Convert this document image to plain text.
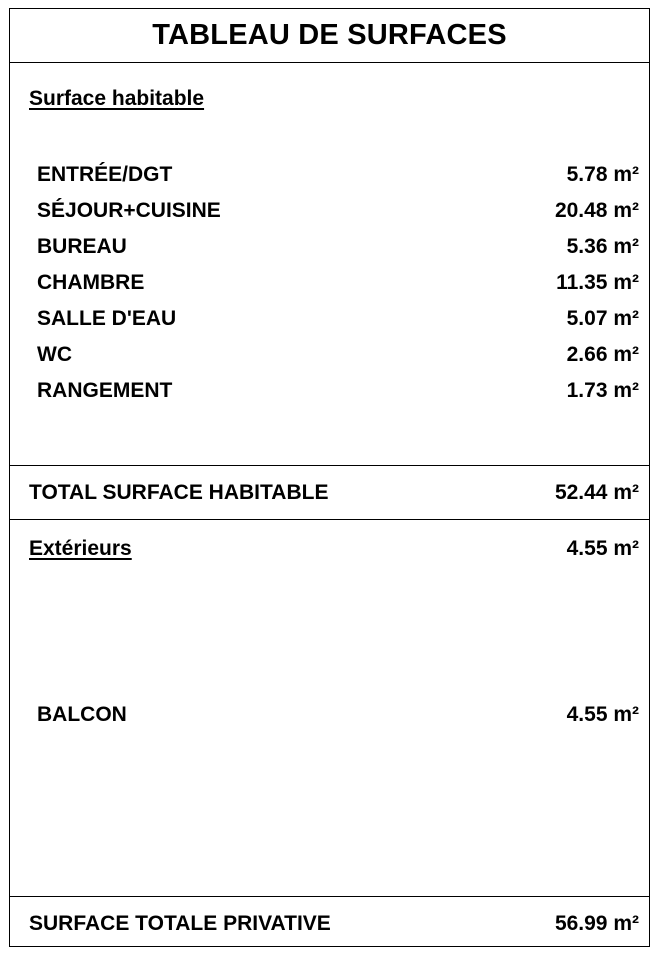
TABLEAU DE SURFACES
Surface habitable
ENTRÉE/DGT	5.78 m²
SÉJOUR+CUISINE	20.48 m²
BUREAU	5.36 m²
CHAMBRE	11.35 m²
SALLE D'EAU	5.07 m²
WC	2.66 m²
RANGEMENT	1.73 m²
TOTAL SURFACE HABITABLE	52.44 m²
Extérieurs	4.55 m²
BALCON	4.55 m²
SURFACE TOTALE PRIVATIVE	56.99 m²
